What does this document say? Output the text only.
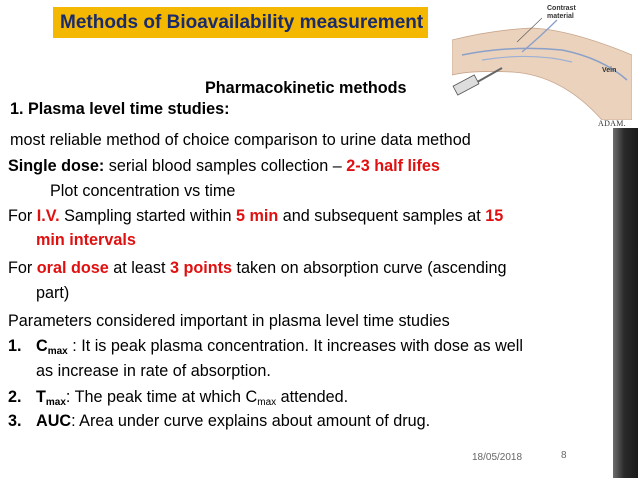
Methods of Bioavailability measurement
Contrast
material
Vein
ADAM.
Pharmacokinetic methods
1. Plasma level time studies:
most reliable method of choice comparison to urine data method
Single dose: serial blood samples collection – 2-3 half lifes
Plot concentration vs time
For I.V. Sampling started within 5 min and subsequent samples at 15
min intervals
For oral dose at least 3 points taken on absorption curve (ascending
part)
Parameters considered important in plasma level time studies
1. $C_{max}$ : It is peak plasma concentration. It increases with dose as well
as increase in rate of absorption.
2. $T_{max}$: The peak time at which $C_{max}$ attended.
3. AUC: Area under curve explains about amount of drug.
18/05/2018	8
